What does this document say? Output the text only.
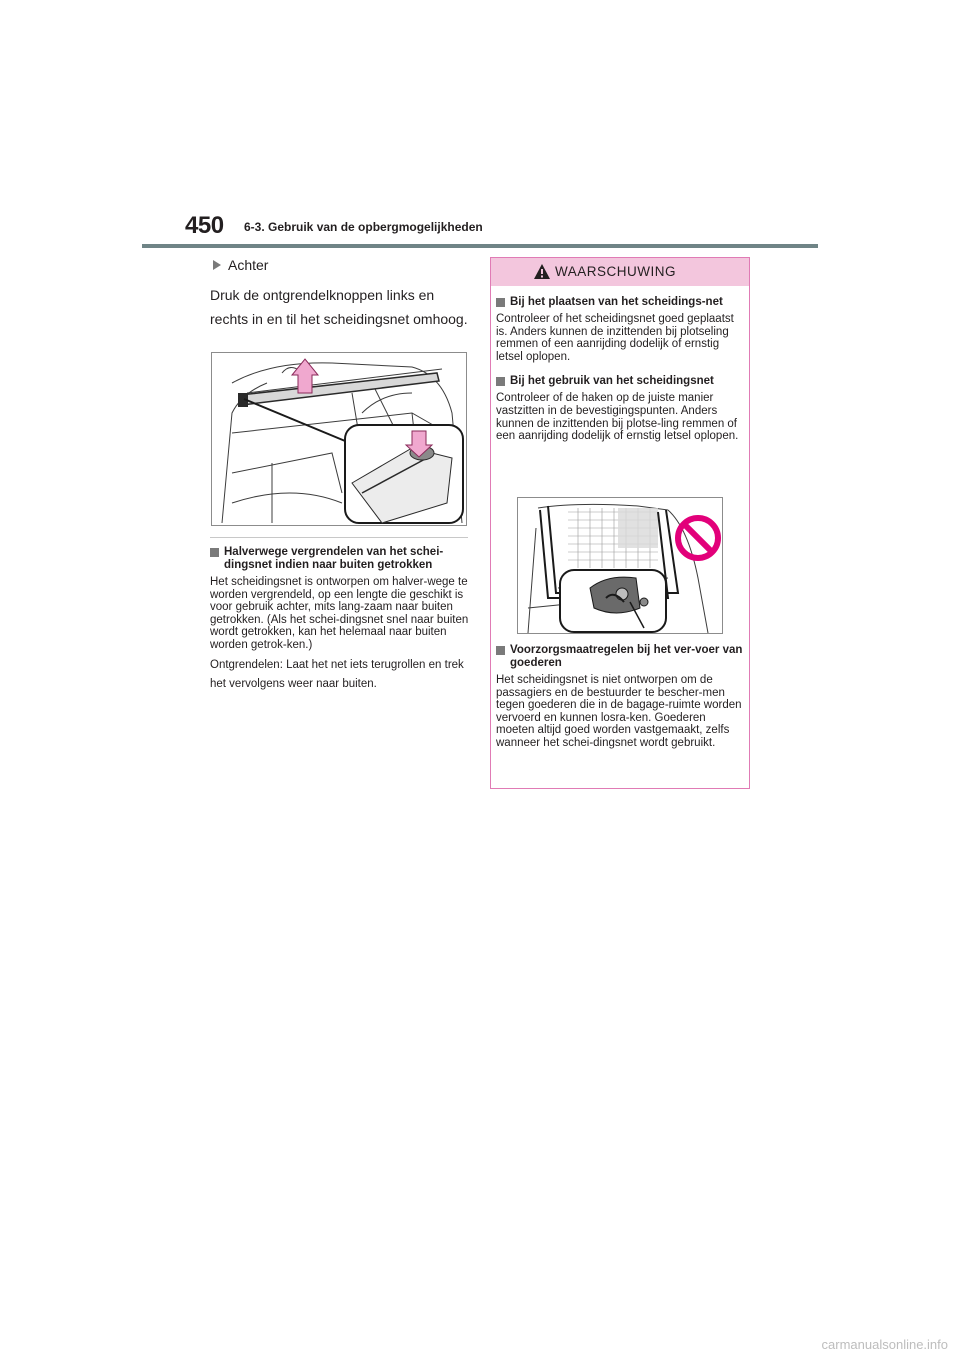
450 6-3. Gebruik van de opbergmogelijkheden

Achter

Druk de ontgrendelknoppen links en rechts in en til het scheidingsnet omhoog.

Halverwege vergrendelen van het schei-dingsnet indien naar buiten getrokken

Het scheidingsnet is ontworpen om halver-wege te worden vergrendeld, op een lengte die geschikt is voor gebruik achter, mits lang-zaam naar buiten getrokken. (Als het schei-dingsnet snel naar buiten wordt getrokken, kan het helemaal naar buiten worden getrok-ken.)

Ontgrendelen: Laat het net iets terugrollen en trek het vervolgens weer naar buiten.

WAARSCHUWING

Bij het plaatsen van het scheidings-net

Controleer of het scheidingsnet goed geplaatst is. Anders kunnen de inzittenden bij plotseling remmen of een aanrijding dodelijk of ernstig letsel oplopen.

Bij het gebruik van het scheidingsnet

Controleer of de haken op de juiste manier vastzitten in de bevestigingspunten. Anders kunnen de inzittenden bij plotse-ling remmen of een aanrijding dodelijk of ernstig letsel oplopen.

Voorzorgsmaatregelen bij het ver-voer van goederen

Het scheidingsnet is niet ontworpen om de passagiers en de bestuurder te bescher-men tegen goederen die in de bagage-ruimte worden vervoerd en kunnen losra-ken. Goederen moeten altijd goed worden vastgemaakt, zelfs wanneer het schei-dingsnet wordt gebruikt.

carmanualsonline.info
